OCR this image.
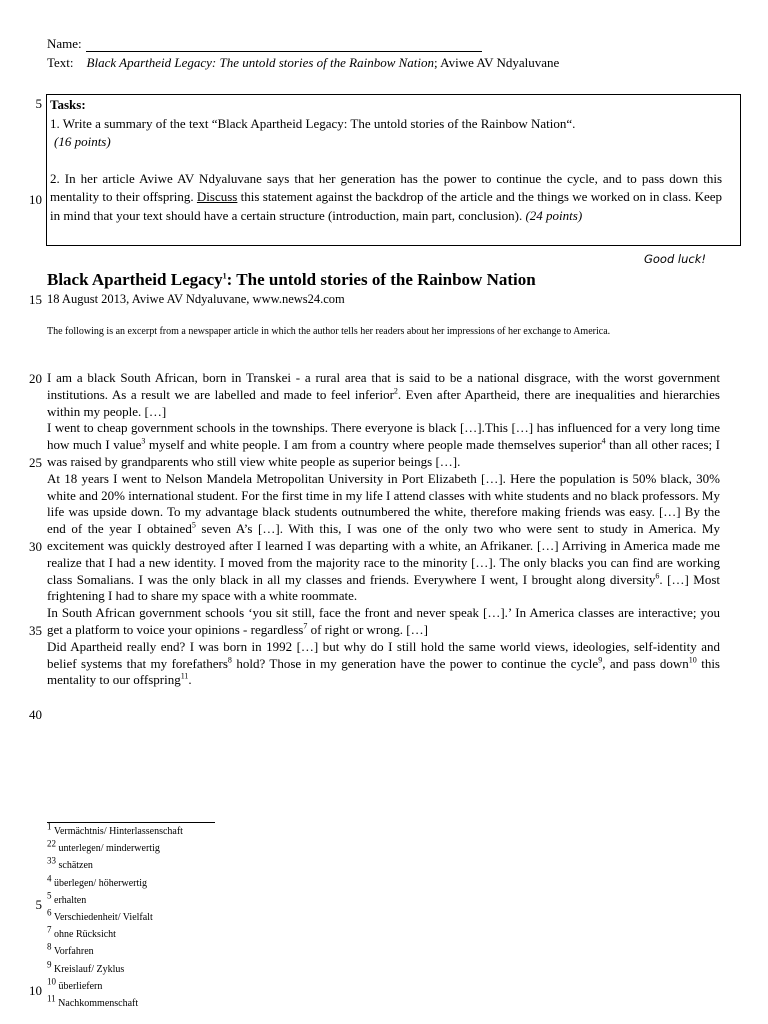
Name:
Text: Black Apartheid Legacy: The untold stories of the Rainbow Nation; Aviwe AV Ndyaluvane
5
10
15
20
25
30
35
40
5
10
Tasks:
1. Write a summary of the text “Black Apartheid Legacy: The untold stories of the Rainbow Nation“.
(16 points)
2. In her article Aviwe AV Ndyaluvane says that her generation has the power to continue the cycle, and to pass down this mentality to their offspring. Discuss this statement against the backdrop of the article and the things we worked on in class. Keep in mind that your text should have a certain structure (introduction, main part, conclusion). (24 points)
Good luck!
Black Apartheid Legacy$^1$: The untold stories of the Rainbow Nation
18 August 2013, Aviwe AV Ndyaluvane, www.news24.com
The following is an excerpt from a newspaper article in which the author tells her readers about her impressions of her exchange to America.

I am a black South African, born in Transkei - a rural area that is said to be a national disgrace, with the worst government institutions. As a result we are labelled and made to feel inferior$^2$. Even after Apartheid, there are inequalities and hierarchies within my people. […]

I went to cheap government schools in the townships. There everyone is black […].This […] has influenced for a very long time how much I value$^3$ myself and white people. I am from a country where people made themselves superior$^4$ than all other races; I was raised by grandparents who still view white people as superior beings […].

At 18 years I went to Nelson Mandela Metropolitan University in Port Elizabeth […]. Here the population is 50% black, 30% white and 20% international student. For the first time in my life I attend classes with white students and no black professors. My life was upside down. To my advantage black students outnumbered the white, therefore making friends was easy. […] By the end of the year I obtained$^5$ seven A’s […]. With this, I was one of the only two who were sent to study in America. My excitement was quickly destroyed after I learned I was departing with a white, an Afrikaner. […] Arriving in America made me realize that I had a new identity. I moved from the majority race to the minority […]. The only blacks you can find are working class Somalians. I was the only black in all my classes and friends. Everywhere I went, I brought along diversity$^6$. […] Most frightening I had to share my space with a white roommate.

In South African government schools ‘you sit still, face the front and never speak […].’ In America classes are interactive; you get a platform to voice your opinions - regardless$^7$ of right or wrong. […]

Did Apartheid really end? I was born in 1992 […] but why do I still hold the same world views, ideologies, self-identity and belief systems that my forefathers$^8$ hold? Those in my generation have the power to continue the cycle$^9$, and pass down$^{10}$ this mentality to our offspring$^{11}$.

$^1$ Vermächtnis/ Hinterlassenschaft
$^{22}$ unterlegen/ minderwertig
$^{33}$ schätzen
$^4$ überlegen/ höherwertig
$^5$ erhalten
$^6$ Verschiedenheit/ Vielfalt
$^7$ ohne Rücksicht
$^8$ Vorfahren
$^9$ Kreislauf/ Zyklus
$^{10}$ überliefern
$^{11}$ Nachkommenschaft
